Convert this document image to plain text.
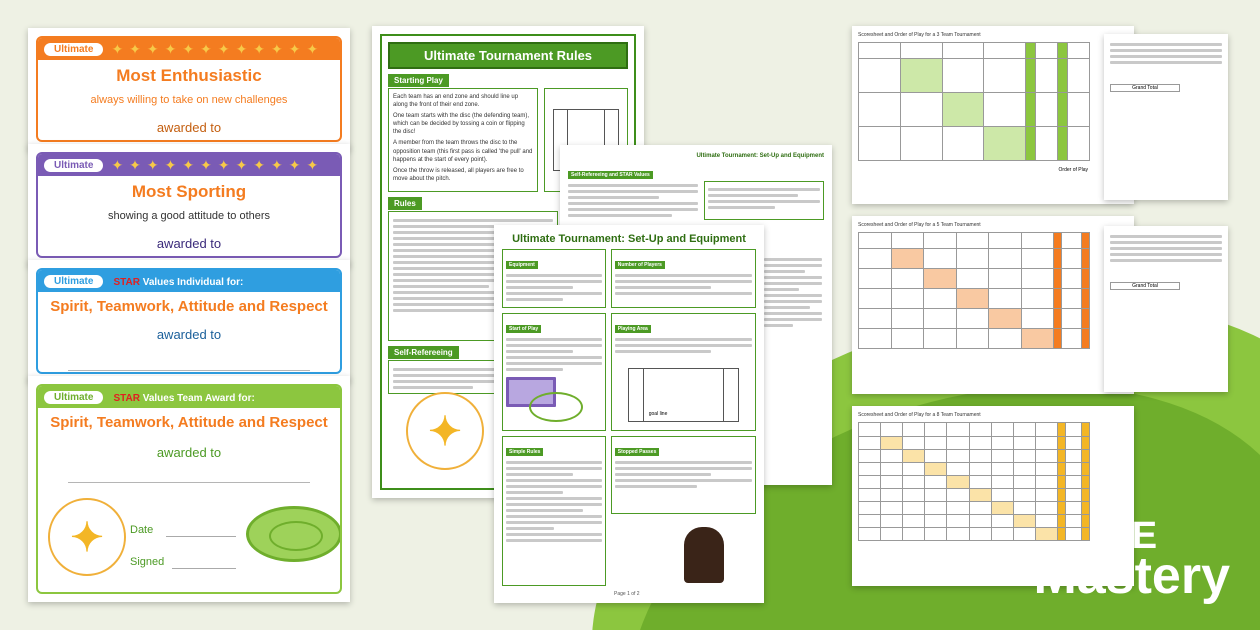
Ultimate	✦✦✦✦✦✦✦✦✦✦✦✦
Most Enthusiastic
always willing to take on new challenges
awarded to
Ultimate	✦✦✦✦✦✦✦✦✦✦✦✦
Most Sporting
showing a good attitude to others
awarded to
Ultimate	STAR Values Individual for:
Spirit, Teamwork, Attitude and Respect
awarded to
Ultimate	STAR Values Team Award for:
Spirit, Teamwork, Attitude and Respect
awarded to
✦	Date
Signed
Ultimate Tournament Rules
Starting Play

Each team has an end zone and should line up along the front of their end zone.

One team starts with the disc (the defending team), which can be decided by tossing a coin or flipping the disc!

A member from the team throws the disc to the opposition team (this first pass is called 'the pull' and happens at the start of every point).

Once the throw is released, all players are free to move about the pitch.

Rules
Self-Refereeing
✦
Ultimate Tournament: Set-Up and Equipment
Self-Refereeing and STAR Values
Ultimate Tournament: Set-Up and Equipment
Equipment	Number of Players
Start of Play	Playing Area
goal line
Simple Rules	Stopped Passes
Page 1 of 2
Scoresheet and Order of Play for a 3 Team Tournament

Order of Play
Grand Total
Scoresheet and Order of Play for a 5 Team Tournament

Grand Total
Scoresheet and Order of Play for a 8 Team Tournament

PE
Mastery
